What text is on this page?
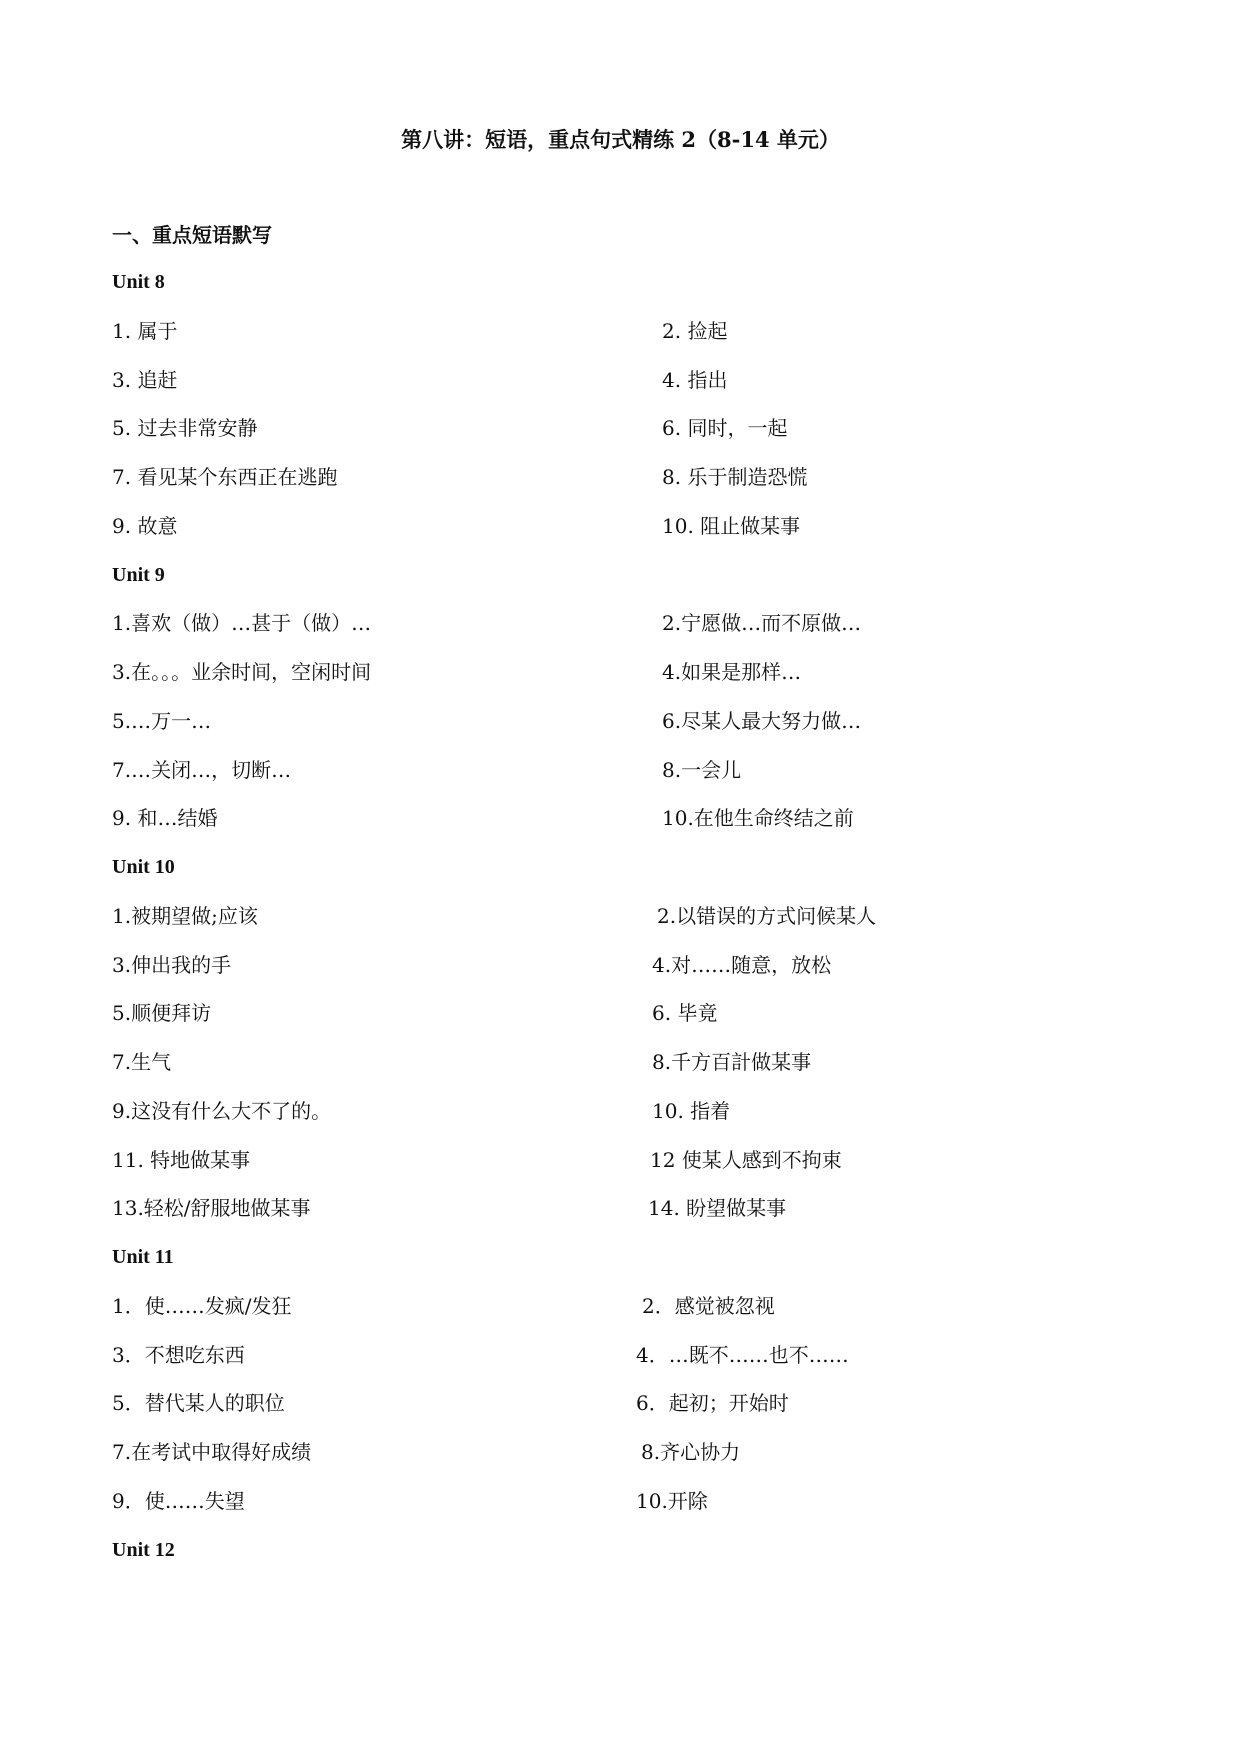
第八讲：短语，重点句式精练 2（8-14 单元）
一、重点短语默写
Unit 8
1. 属于	2. 捡起
3. 追赶	4. 指出
5. 过去非常安静	6. 同时，一起
7. 看见某个东西正在逃跑	8. 乐于制造恐慌
9. 故意	10. 阻止做某事
Unit 9
1.喜欢（做）…甚于（做）…	2.宁愿做…而不原做…
3.在。。。业余时间，空闲时间	4.如果是那样…
5.…万一…	6.尽某人最大努力做…
7.…关闭…，切断…	8.一会儿
9. 和…结婚	10.在他生命终结之前
Unit 10
1.被期望做;应该	2.以错误的方式问候某人
3.伸出我的手	4.对……随意，放松
5.顺便拜访	6. 毕竟
7.生气	8.千方百計做某事
9.这没有什么大不了的。	10. 指着
11. 特地做某事	12 使某人感到不拘束
13.轻松/舒服地做某事	14. 盼望做某事
Unit 11
1．使……发疯/发狂	2．感觉被忽视
3．不想吃东西	4．…既不……也不……
5．替代某人的职位	6．起初；开始时
7.在考试中取得好成绩	8.齐心协力
9．使……失望	10.开除
Unit 12
